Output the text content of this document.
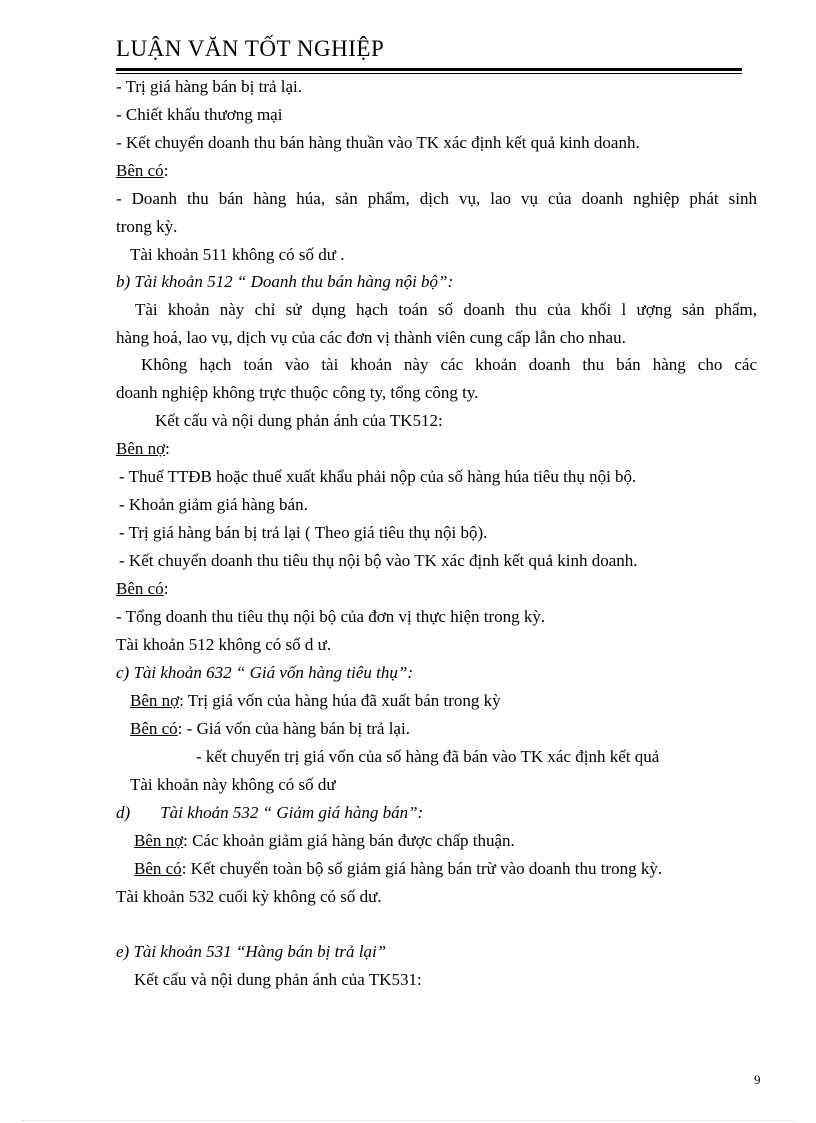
LUẬN VĂN TỐT NGHIỆP
- Trị giá hàng bán bị trả lại.
- Chiết khấu thương mại
- Kết chuyển doanh thu bán hàng thuần vào TK xác định kết quả kinh doanh.
Bên có:
- Doanh thu bán hàng húa, sản phẩm, dịch vụ, lao vụ của doanh nghiệp phát sinh
trong kỳ.
Tài khoản 511 không có số dư .
b) Tài khoản 512 “ Doanh thu bán hàng nội bộ”:
Tài khoản này chỉ sử dụng hạch toán số doanh thu của khối l ượng sản phẩm,
hàng hoá, lao vụ, dịch vụ của các đơn vị thành viên cung cấp lẫn cho nhau.
Không hạch toán vào tài khoản này các khoản doanh thu bán hàng cho các
doanh nghiệp không trực thuộc công ty, tổng công ty.
Kết cấu và nội dung phản ánh của TK512:
Bên nợ:
- Thuế TTĐB hoặc thuế xuất khẩu phải nộp của số hàng húa tiêu thụ nội bộ.
- Khoản giảm giá hàng bán.
- Trị giá hàng bán bị trả lại ( Theo giá tiêu thụ nội bộ).
- Kết chuyển doanh thu tiêu thụ nội bộ vào TK xác định kết quả kinh doanh.
Bên có:
- Tổng doanh thu tiêu thụ nội bộ của đơn vị thực hiện trong kỳ.
Tài khoản 512 không có số d ư.
c) Tài khoản 632 “ Giá vốn hàng tiêu thụ”:
Bên nợ: Trị giá vốn của hàng húa đã xuất bán trong kỳ
Bên có: - Giá vốn của hàng bán bị trả lại.
- kết chuyển trị giá vốn của số hàng đã bán vào TK xác định kết quả
Tài khoản này không có số dư
d) Tài khoản 532 “ Giảm giá hàng bán”:
Bên nợ: Các khoản giảm giá hàng bán được chấp thuận.
Bên có: Kết chuyển toàn bộ số giảm giá hàng bán trừ vào doanh thu trong kỳ.
Tài khoản 532 cuối kỳ không có số dư.
e) Tài khoản 531 “Hàng bán bị trả lại”
Kết cấu và nội dung phản ánh của TK531:
9
